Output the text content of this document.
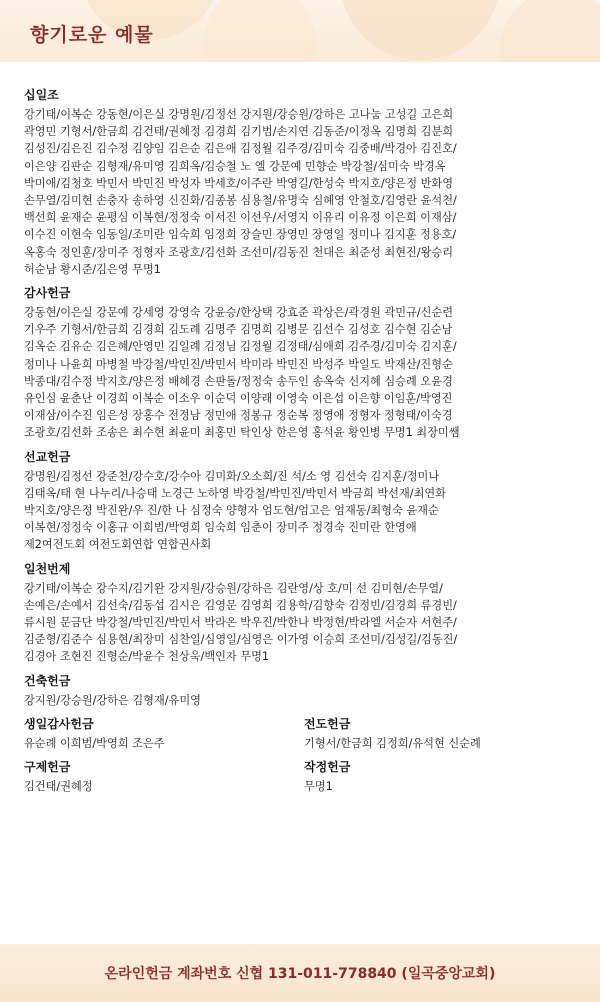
향기로운 예물
십일조
강기태/이복순 강동현/이은실 강명원/김정선 강지원/강승원/강하은 고나눔 고성길 고은희
곽영민 기형서/한금희 김건태/권혜정 김경희 김기범/손지연 김동준/이정옥 김명희 김분희
김성진/김은진 김수정 김양임 김은순 김은애 김정월 김주경/김미숙 김중배/박경아 김진호/
이은양 김판순 김형재/유미영 김희옥/김승철 노 엘 강문예 민향순 박강철/심미숙 박경옥
박미애/김청호 박민서 박민진 박성자 박세호/이주란 박영길/한성숙 박지호/양은정 반화영
손무열/김미현 손충자 송하영 신진화/김종봉 심용철/유명숙 심혜영 안철호/김영란 윤석천/
백선희 윤재순 윤평심 이복현/정정숙 이서진 이선우/서영지 이유리 이유정 이은희 이재삼/
이수진 이현숙 임동일/조미란 임숙희 임정희 장슬민 장영민 장영일 정미나 김지훈 정용호/
옥홍숙 정인훈/장미주 정형자 조광호/김선화 조선미/김동진 천대은 최준성 최현진/왕승리
허순남 황시준/김은영 무명1
감사헌금
강동현/이은실 강문예 강세영 강영숙 강윤승/한상택 강효준 곽상은/곽경원 곽민규/신순련
기우주 기형서/한금희 김경희 김도례 김명주 김명희 김병문 김선수 김성호 김수현 김순남
김옥순 김유순 김은혜/안영민 김일례 김정님 김정월 김정태/심애희 김주경/김미숙 김지훈/
정미나 나윤희 마병철 박강철/박민진/박민서 박미라 박민진 박성주 박일도 박재산/진형순
박종대/김수정 박지호/양은정 배혜경 손판돌/정정숙 송두인 송옥숙 신지혜 심승례 오윤경
유인심 윤춘난 이경희 이복순 이소우 이순덕 이양래 이영숙 이은섭 이은향 이임훈/박영진
이재삼/이수진 임은성 장홍수 전정남 정민애 정봉규 정순복 정영애 정형자 정형태/이숙경
조광호/김선화 조송은 최수현 최윤미 최홍민 탁인상 한은영 홍석윤 황인병 무명1 최장미쌤
선교헌금
강명원/김정선 강준천/강수호/강수아 김미화/오소희/진 석/소 영 김선숙 김지훈/정미나
김태옥/태 현 나누리/나승태 노경근 노하영 박강철/박민진/박민서 박금희 박선재/최연화
박지호/양은정 박진완/우 진/한 나 심정숙 양형자 엄도현/엄고은 엄재동/최형숙 윤재순
이복현/정정숙 이홍규 이희범/박영희 임숙희 임춘이 장미주 정경숙 진미란 한영애
제2여전도회 여전도회연합 연합권사회
일천번제
강기태/이복순 강수지/김기완 강지원/강승원/강하은 김란영/상 호/미 선 김미현/손무열/
손예은/손예서 김선숙/김동섭 김시은 김영문 김영희 김용학/김향숙 김정빈/김경희 류경빈/
류시원 문금단 박강철/박민진/박민서 박라온 박우진/박한나 박정현/박라엘 서순자 서현주/
김준형/김준수 심용현/최장미 심찬일/심영일/심영은 이가영 이승희 조선미/김성길/김동진/
김경아 조현진 진형순/박윤수 천상욱/백인자 무명1
건축헌금
강지원/강승원/강하은 김형재/유미영
생일감사헌금
유순례 이희범/박영희 조은주
전도헌금
기형서/한금희 김정희/유석현 신순례
구제헌금
김건태/권혜정
작정헌금
무명1
온라인헌금 계좌번호 신협 131-011-778840 (일곡중앙교회)
